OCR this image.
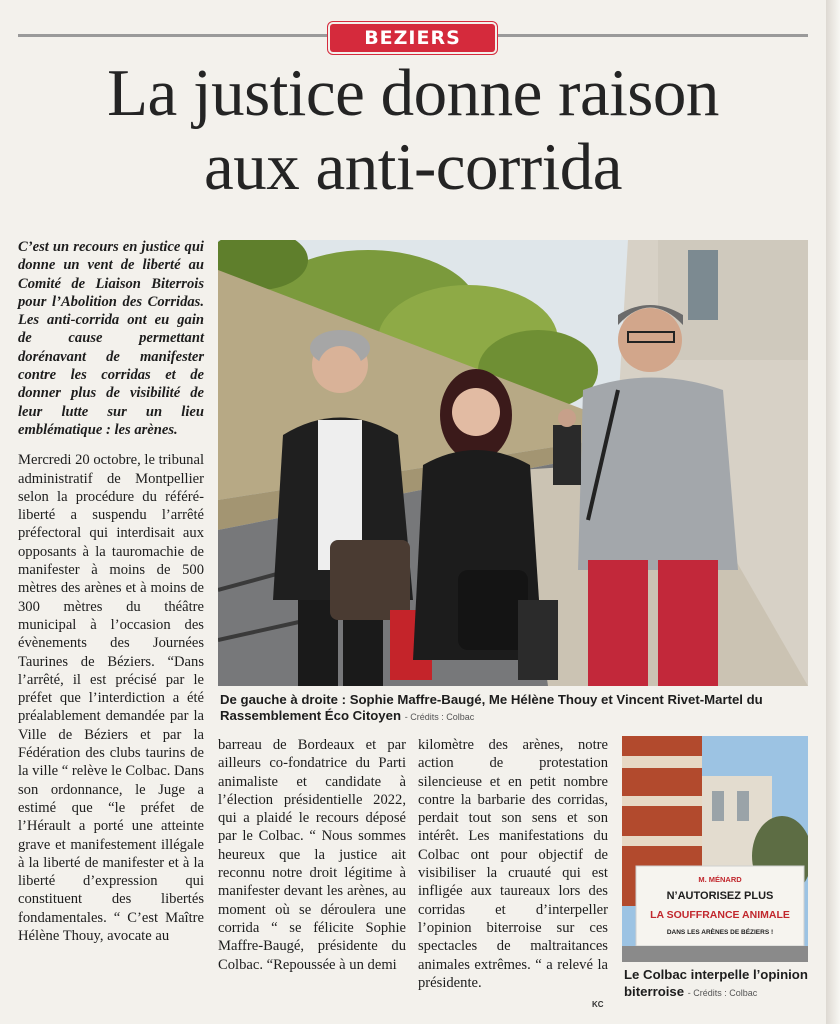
BEZIERS
La justice donne raison
aux anti-corrida

C’est un recours en justice qui donne un vent de liberté au Comité de Liaison Biterrois pour l’Abolition des Corridas. Les anti-corrida ont eu gain de cause permettant dorénavant de manifester contre les corridas et de donner plus de visibilité de leur lutte sur un lieu emblématique : les arènes.

Mercredi 20 octobre, le tribunal administratif de Montpellier selon la procédure du référé-liberté a suspendu l’arrêté préfectoral qui interdisait aux opposants à la tauromachie de manifester à moins de 500 mètres des arènes et à moins de 300 mètres du théâtre municipal à l’occasion des évènements des Journées Taurines de Béziers. “Dans l’arrêté, il est précisé par le préfet que l’interdiction a été préalablement demandée par la Ville de Béziers et par la Fédération des clubs taurins de la ville “ relève le Colbac. Dans son ordonnance, le Juge a estimé que “le préfet de l’Hérault a porté une atteinte grave et manifestement illégale à la liberté de manifester et à la liberté d’expression qui constituent des libertés fondamentales. “ C’est Maître Hélène Thouy, avocate au

De gauche à droite : Sophie Maffre-Baugé, Me Hélène Thouy et Vincent Rivet-Martel du Rassemblement Éco Citoyen - Crédits : Colbac

barreau de Bordeaux et par ailleurs co-fondatrice du Parti animaliste et candidate à l’élection présidentielle 2022, qui a plaidé le recours déposé par le Colbac. “ Nous sommes heureux que la justice ait reconnu notre droit légitime à manifester devant les arènes, au moment où se déroulera une corrida “ se félicite Sophie Maffre-Baugé, présidente du Colbac. “Repoussée à un demi

kilomètre des arènes, notre action de protestation silencieuse et en petit nombre contre la barbarie des corridas, perdait tout son sens et son intérêt. Les manifestations du Colbac ont pour objectif de visibiliser la cruauté qui est infligée aux taureaux lors des corridas et d’interpeller l’opinion biterroise sur ces spectacles de maltraitances animales extrêmes. “ a relevé la présidente.

M. MÉNARD
N’AUTORISEZ PLUS
LA SOUFFRANCE ANIMALE
DANS LES ARÈNES DE BÉZIERS !
Le Colbac interpelle l’opinion biterroise - Crédits : Colbac
KC
